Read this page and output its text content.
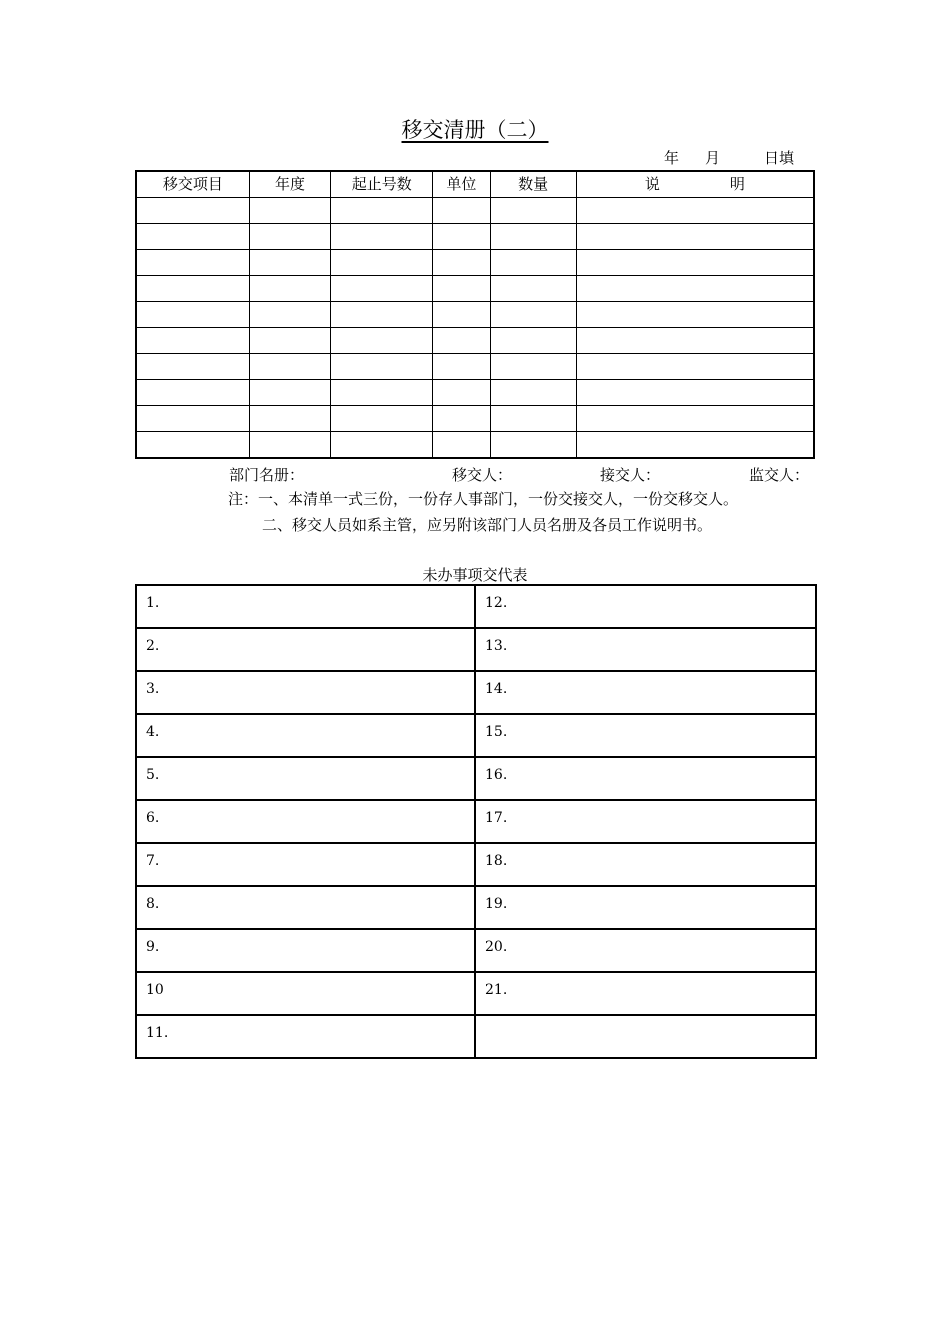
移交清册（二）
年 月	日填
移交项目	年度	起止号数	单位	数量	说 明

部门名册：	移交人：	接交人：	监交人：
注：一、本清单一式三份，一份存人事部门，一份交接交人，一份交移交人。
二、移交人员如系主管，应另附该部门人员名册及各员工作说明书。
未办事项交代表
1.	12.

2.	13.

3.	14.

4.	15.

5.	16.

6.	17.

7.	18.

8.	19.

9.	20.

10	21.

11.	
